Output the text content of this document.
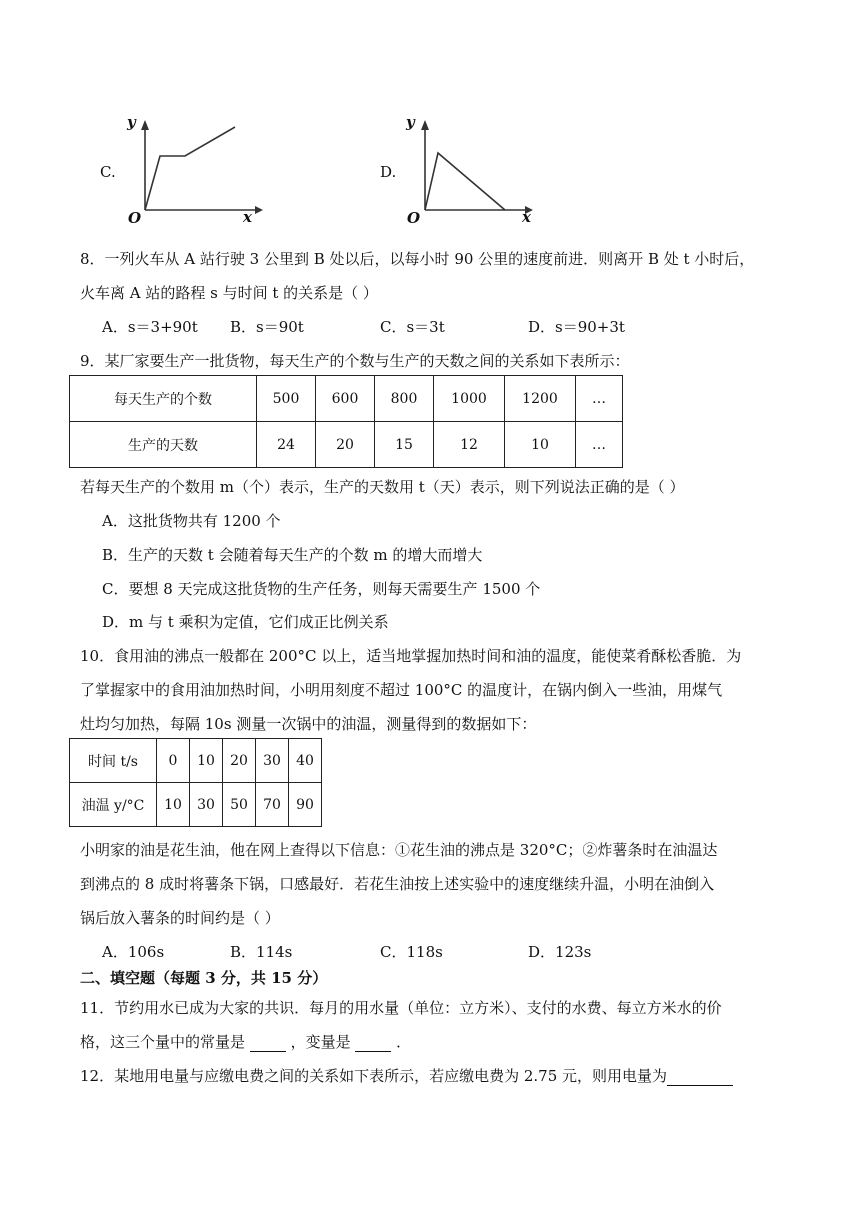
C.
y
x
O
D.
y
x
O
8．一列火车从 A 站行驶 3 公里到 B 处以后，以每小时 90 公里的速度前进．则离开 B 处 t 小时后，
火车离 A 站的路程 s 与时间 t 的关系是（ ）
A．s＝3+90t B．s＝90t	C．s＝3t	D．s＝90+3t
9．某厂家要生产一批货物，每天生产的个数与生产的天数之间的关系如下表所示：
每天生产的个数	500	600	800	1000	1200	…
生产的天数	24	20	15	12	10	…
若每天生产的个数用 m（个）表示，生产的天数用 t（天）表示，则下列说法正确的是（ ）
A．这批货物共有 1200 个
B．生产的天数 t 会随着每天生产的个数 m 的增大而增大
C．要想 8 天完成这批货物的生产任务，则每天需要生产 1500 个
D．m 与 t 乘积为定值，它们成正比例关系
10．食用油的沸点一般都在 200°C 以上，适当地掌握加热时间和油的温度，能使菜肴酥松香脆．为
了掌握家中的食用油加热时间，小明用刻度不超过 100°C 的温度计，在锅内倒入一些油，用煤气
灶均匀加热，每隔 10s 测量一次锅中的油温，测量得到的数据如下：
时间 t/s	0	10	20	30	40
油温 y/°C	10	30	50	70	90
小明家的油是花生油，他在网上查得以下信息：①花生油的沸点是 320°C；②炸薯条时在油温达
到沸点的 8 成时将薯条下锅，口感最好．若花生油按上述实验中的速度继续升温，小明在油倒入
锅后放入薯条的时间约是（ ）
A．106s	B．114s	C．118s	D．123s
二、填空题（每题 3 分，共 15 分）
11．节约用水已成为大家的共识．每月的用水量（单位：立方米）、支付的水费、每立方米水的价
格，这三个量中的常量是	，变量是	．
12．某地用电量与应缴电费之间的关系如下表所示，若应缴电费为 2.75 元，则用电量为
